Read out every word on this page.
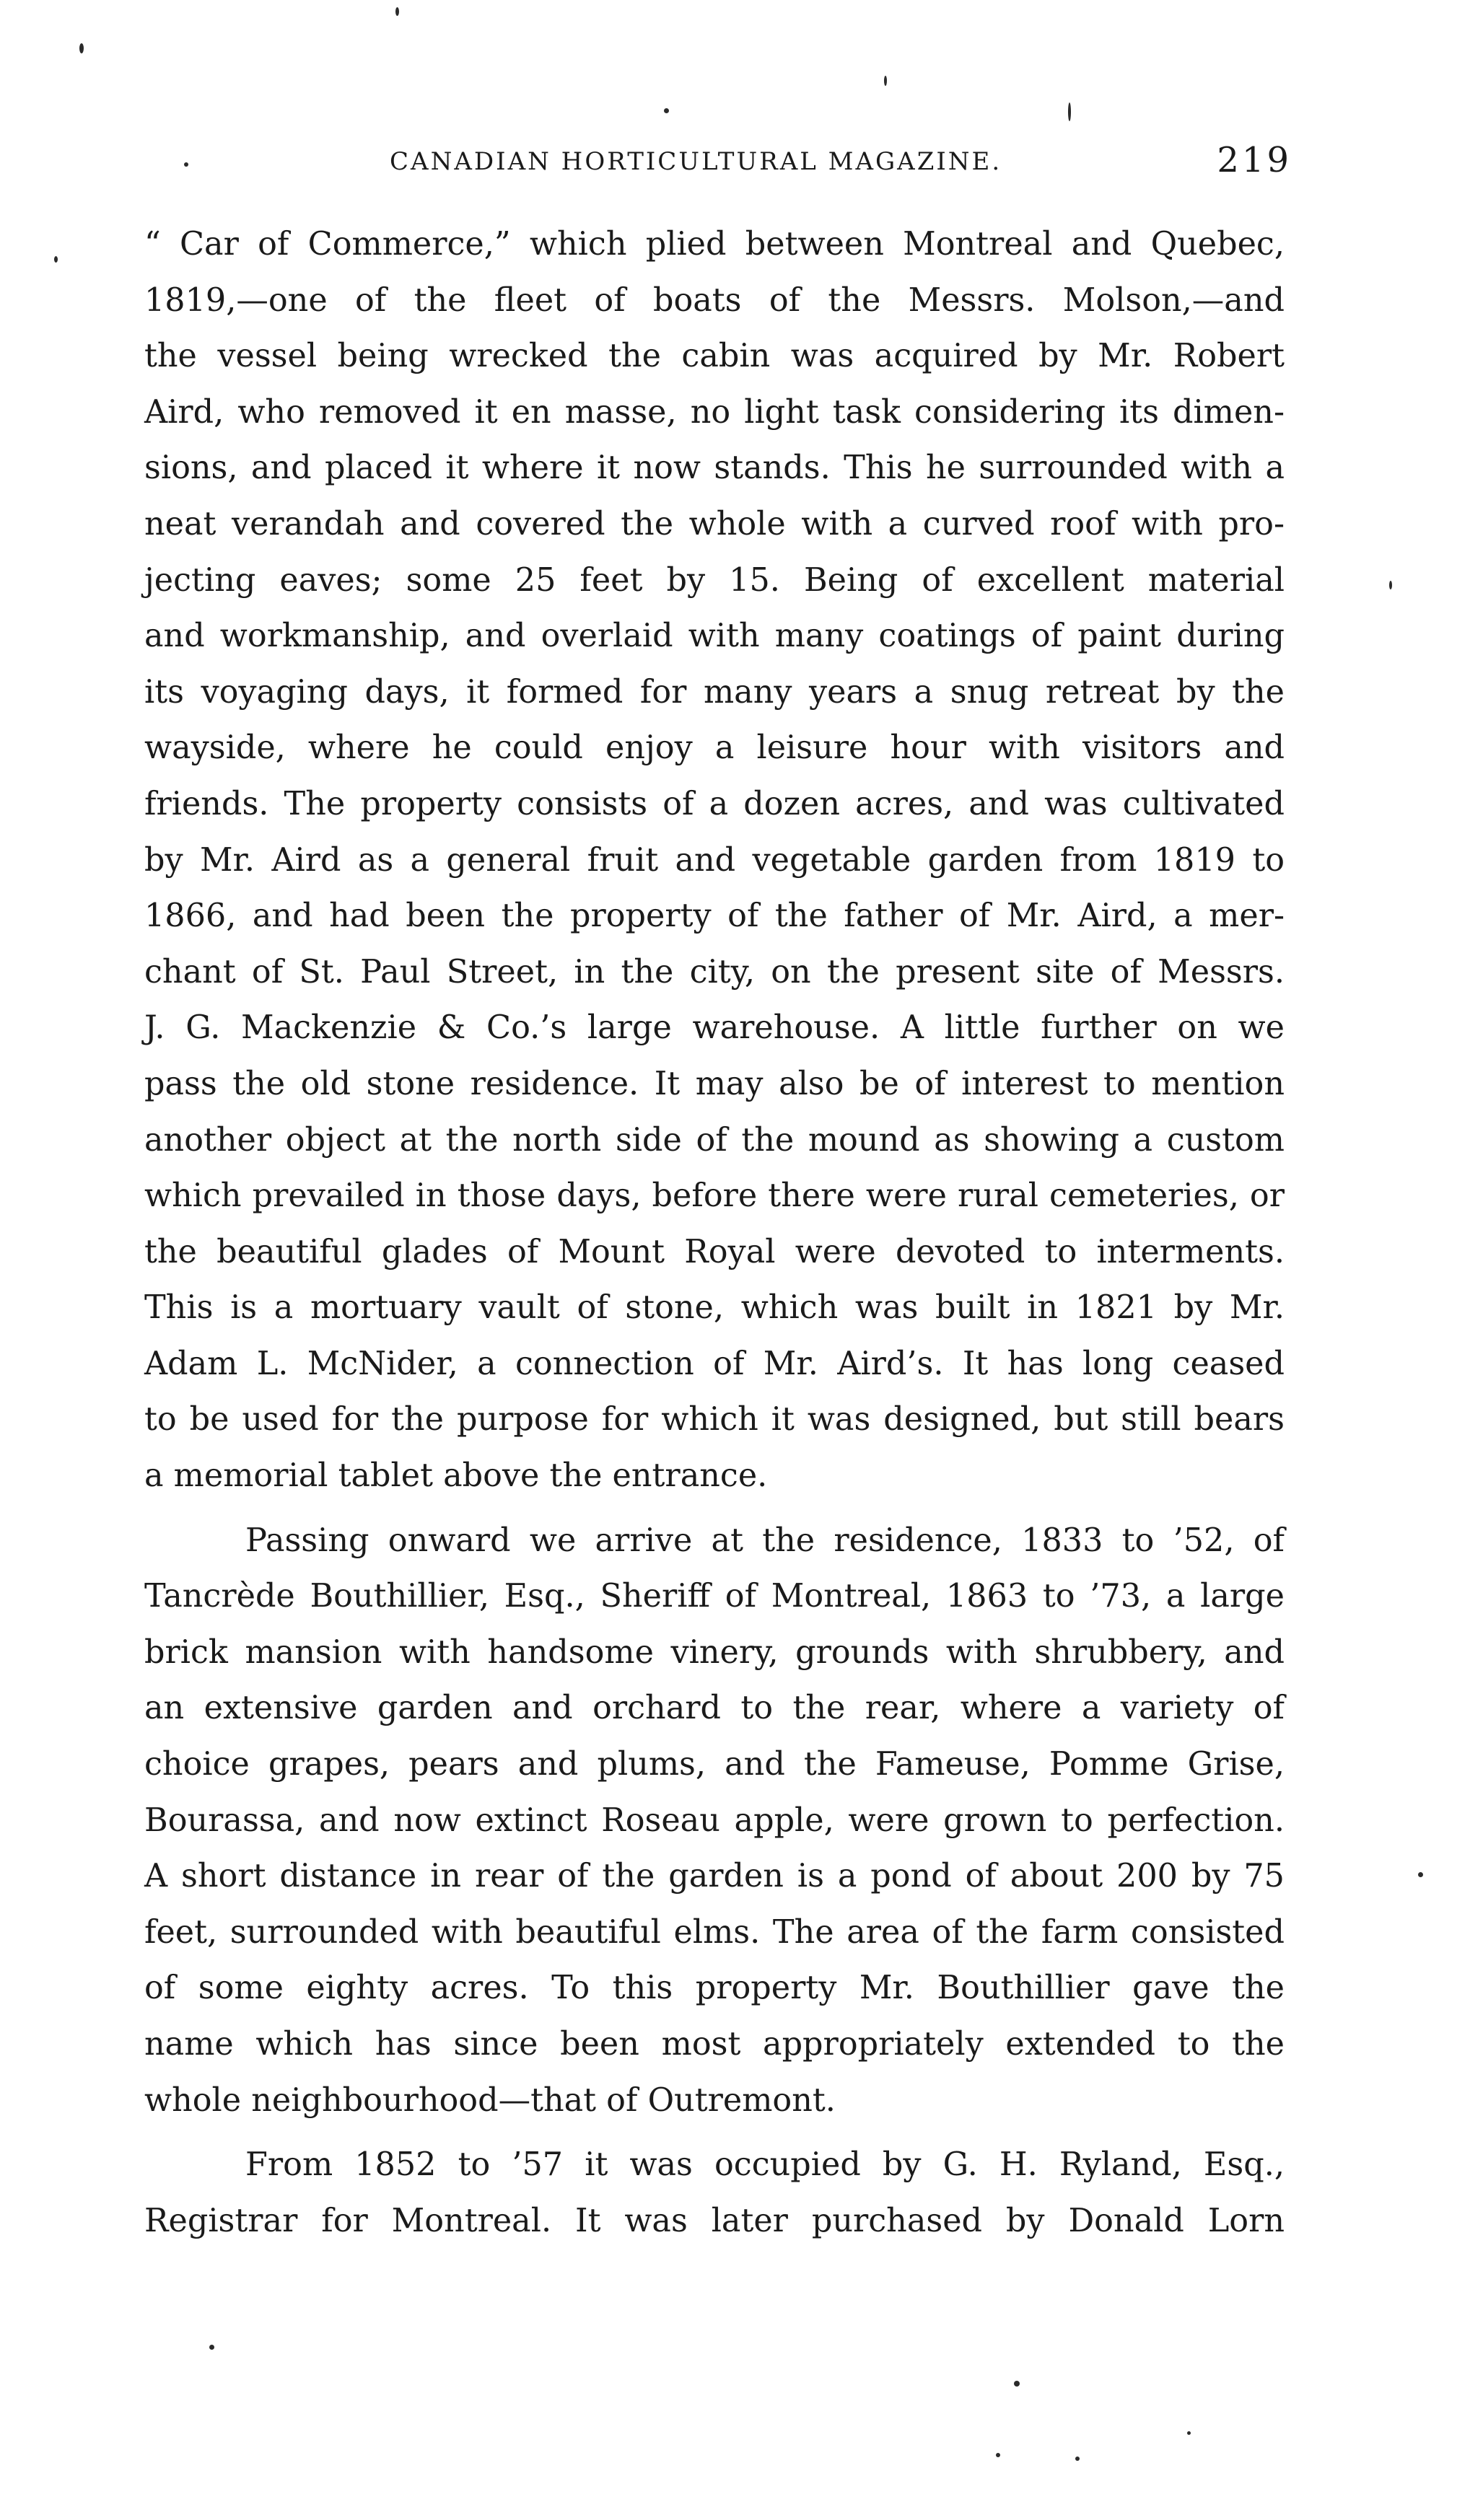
CANADIAN HORTICULTURAL MAGAZINE.	219
“ Car of Commerce,” which plied between Montreal and Quebec,
1819,—one of the fleet of boats of the Messrs. Molson,—and
the vessel being wrecked the cabin was acquired by Mr. Robert
Aird, who removed it en masse, no light task considering its dimen-
sions, and placed it where it now stands. This he surrounded with a
neat verandah and covered the whole with a curved roof with pro-
jecting eaves; some 25 feet by 15. Being of excellent material
and workmanship, and overlaid with many coatings of paint during
its voyaging days, it formed for many years a snug retreat by the
wayside, where he could enjoy a leisure hour with visitors and
friends. The property consists of a dozen acres, and was cultivated
by Mr. Aird as a general fruit and vegetable garden from 1819 to
1866, and had been the property of the father of Mr. Aird, a mer-
chant of St. Paul Street, in the city, on the present site of Messrs.
J. G. Mackenzie & Co.’s large warehouse. A little further on we
pass the old stone residence. It may also be of interest to mention
another object at the north side of the mound as showing a custom
which prevailed in those days, before there were rural cemeteries, or
the beautiful glades of Mount Royal were devoted to interments.
This is a mortuary vault of stone, which was built in 1821 by Mr.
Adam L. McNider, a connection of Mr. Aird’s. It has long ceased
to be used for the purpose for which it was designed, but still bears
a memorial tablet above the entrance.
Passing onward we arrive at the residence, 1833 to ’52, of
Tancrède Bouthillier, Esq., Sheriff of Montreal, 1863 to ’73, a large
brick mansion with handsome vinery, grounds with shrubbery, and
an extensive garden and orchard to the rear, where a variety of
choice grapes, pears and plums, and the Fameuse, Pomme Grise,
Bourassa, and now extinct Roseau apple, were grown to perfection.
A short distance in rear of the garden is a pond of about 200 by 75
feet, surrounded with beautiful elms. The area of the farm consisted
of some eighty acres. To this property Mr. Bouthillier gave the
name which has since been most appropriately extended to the
whole neighbourhood—that of Outremont.
From 1852 to ’57 it was occupied by G. H. Ryland, Esq.,
Registrar for Montreal. It was later purchased by Donald Lorn
